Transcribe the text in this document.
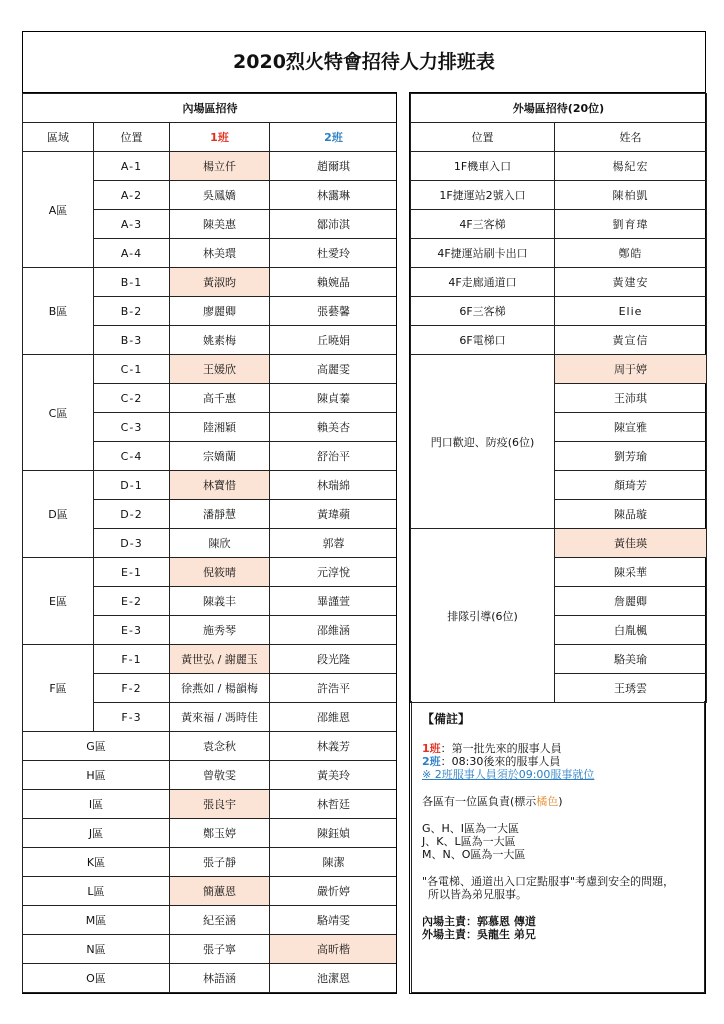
2020烈火特會招待人力排班表
內場區招待			
區域	位置	1班	2班
A區	A-1	楊立仟	趙爾琪
	A-2	吳鳳嬌	林靄琳
	A-3	陳美惠	鄒沛淇
	A-4	林美環	杜愛玲
B區	B-1	黃淑昀	賴婉晶
	B-2	廖麗卿	張藝馨
	B-3	姚素梅	丘曉娟
C區	C-1	王媛欣	高麗雯
	C-2	高千惠	陳貞蓁
	C-3	陸湘穎	賴美杏
	C-4	宗嬌蘭	舒治平
D區	D-1	林寶惜	林瑞綿
	D-2	潘靜慧	黃瑋蘋
	D-3	陳欣	郭蓉
E區	E-1	倪筱晴	元淳悅
	E-2	陳義丰	畢謹萱
	E-3	施秀琴	邵維涵
F區	F-1	黃世弘 / 謝麗玉	段光隆
	F-2	徐燕如 / 楊韻梅	許浩平
	F-3	黃來福 / 馮時佳	邵維恩
G區		袁念秋	林義芳
H區		曾敬雯	黃美玲
I區		張良宇	林哲廷
J區		鄭玉婷	陳鈺媜
K區		張子靜	陳潔
L區		簡蕙恩	嚴忻婷
M區		紀至涵	駱靖雯
N區		張子寧	高昕楷
O區		林語涵	池潔恩
外場區招待(20位)	
位置	姓名
1F機車入口	楊紀宏
1F捷運站2號入口	陳柏凱
4F三客梯	劉育瑋
4F捷運站刷卡出口	鄭皓
4F走廊通道口	黃建安
6F三客梯	Elie
6F電梯口	黃宣信
門口歡迎、防疫(6位)	周于婷
	王沛琪
	陳宣雅
	劉芳瑜
	顏琦芳
	陳品璇
排隊引導(6位)	黃佳瑛
	陳采華
	詹麗卿
	白胤楓
	駱美瑜
	王琇雲
【備註】
1班：第一批先來的服事人員
2班：08:30後來的服事人員
※ 2班服事人員須於09:00服事就位
各區有一位區負責(標示橘色)
G、H、I區為一大區
J、K、L區為一大區
M、N、O區為一大區
"各電梯、通道出入口定點服事"考慮到安全的問題，
所以皆為弟兄服事。
內場主責：郭慕恩 傳道
外場主責：吳龍生 弟兄
